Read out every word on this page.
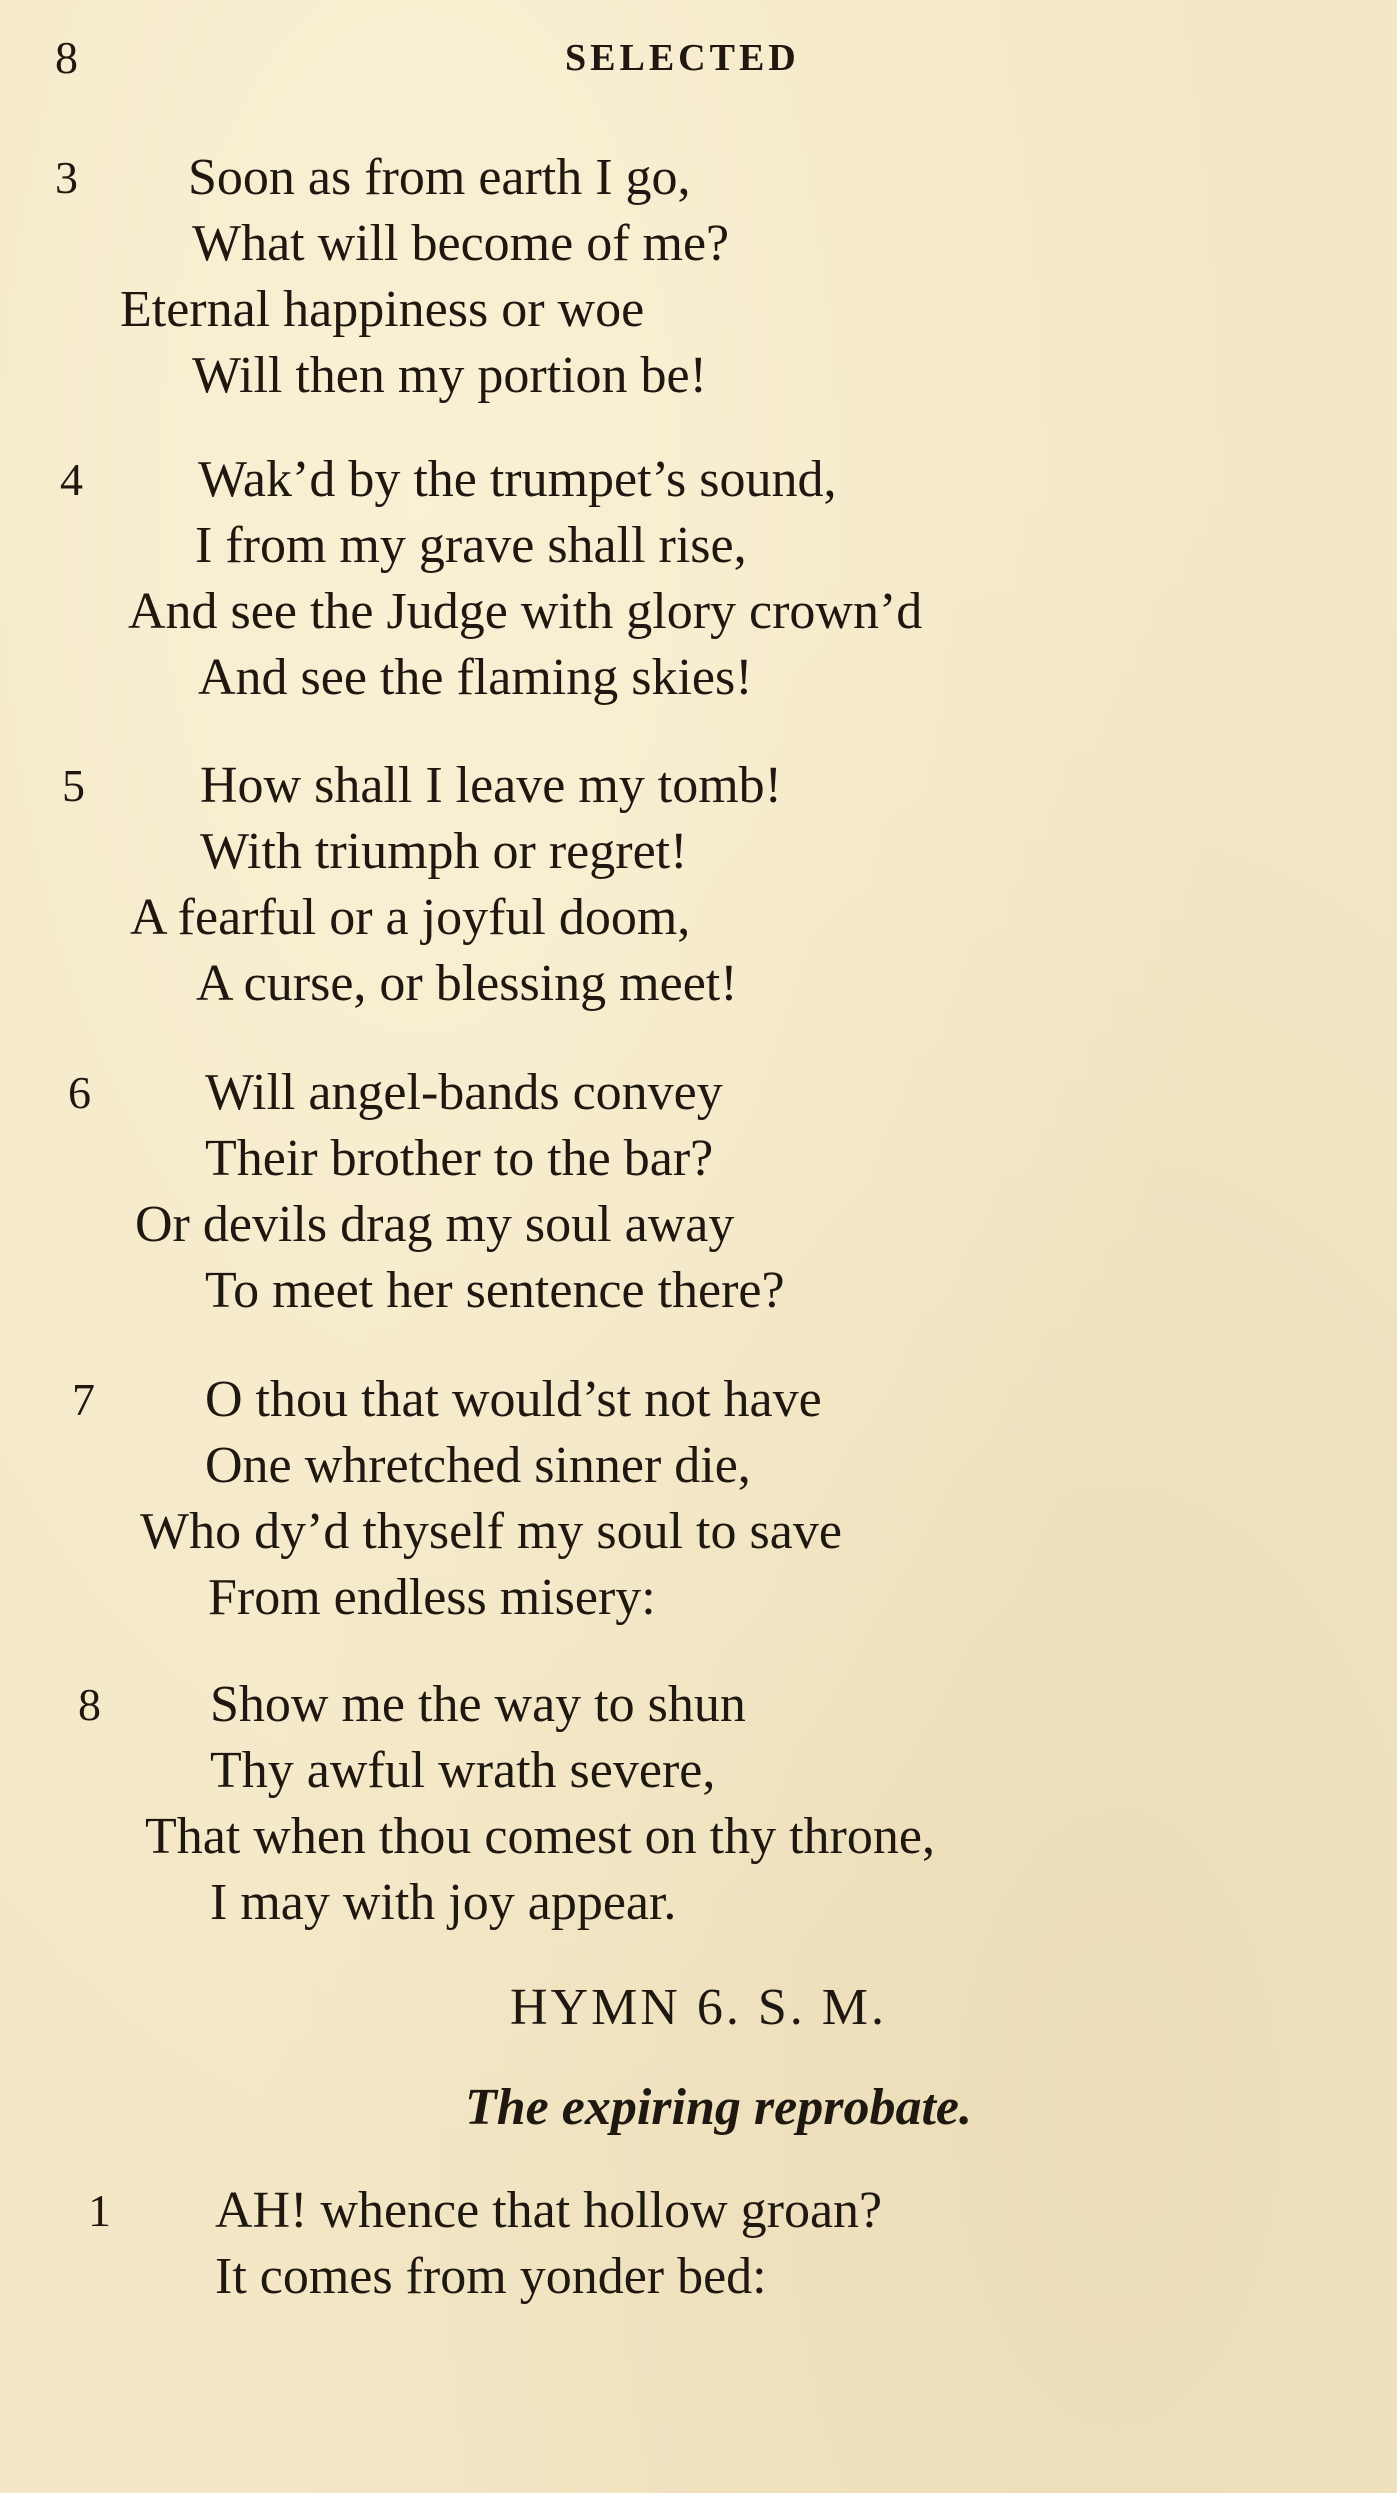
8	SELECTED
3 Soon as from earth I go,
What will become of me?
Eternal happiness or woe
Will then my portion be!
4 Wak’d by the trumpet’s sound,
I from my grave shall rise,
And see the Judge with glory crown’d
And see the flaming skies!
5 How shall I leave my tomb!
With triumph or regret!
A fearful or a joyful doom,
A curse, or blessing meet!
6 Will angel-bands convey
Their brother to the bar?
Or devils drag my soul away
To meet her sentence there?
7 O thou that would’st not have
One whretched sinner die,
Who dy’d thyself my soul to save
From endless misery:
8 Show me the way to shun
Thy awful wrath severe,
That when thou comest on thy throne,
I may with joy appear.
HYMN 6. S. M.
The expiring reprobate.
1 AH! whence that hollow groan?
It comes from yonder bed:
